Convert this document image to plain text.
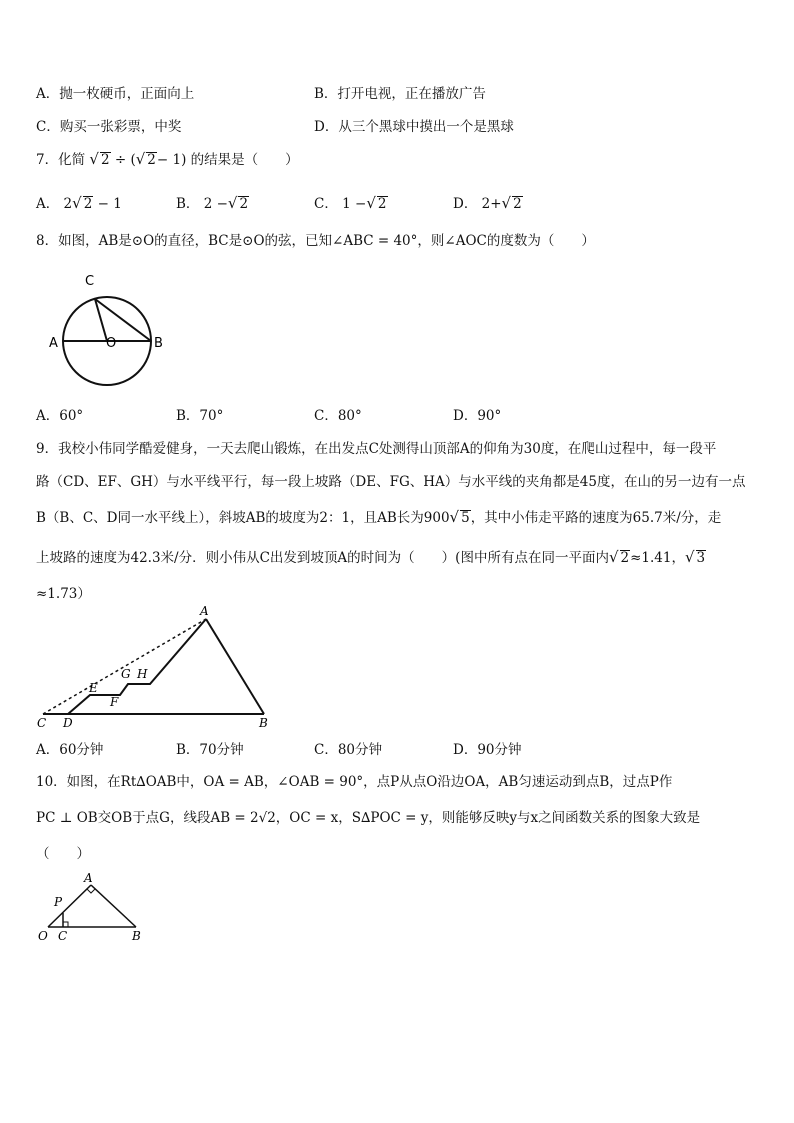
A．抛一枚硬币，正面向上	B．打开电视，正在播放广告
C．购买一张彩票，中奖	D．从三个黑球中摸出一个是黑球
7．化简 √ 2 ÷ (√ 2− 1) 的结果是（　　）
A． 2√ 2 − 1	B． 2 −√ 2	C． 1 −√ 2	D． 2+√ 2
8．如图，AB是⊙O的直径，BC是⊙O的弦，已知∠ABC = 40°，则∠AOC的度数为（　　）
C
A	O	B
A．60°	B．70°	C．80°	D．90°
9．我校小伟同学酷爱健身，一天去爬山锻炼，在出发点C处测得山顶部A的仰角为30度，在爬山过程中，每一段平
路（CD、EF、GH）与水平线平行，每一段上坡路（DE、FG、HA）与水平线的夹角都是45度，在山的另一边有一点
B（B、C、D同一水平线上），斜坡AB的坡度为2：1，且AB长为900√ 5，其中小伟走平路的速度为65.7米/分，走
上坡路的速度为42.3米/分．则小伟从C出发到坡顶A的时间为（　　）(图中所有点在同一平面内√ 2≈1.41，√ 3
≈1.73）
A
G H
E
F
C D	B
A．60分钟	B．70分钟	C．80分钟	D．90分钟
10．如图，在Rt∆OAB中，OA = AB，∠OAB = 90°，点P从点O沿边OA，AB匀速运动到点B，过点P作
PC ⊥ OB交OB于点G，线段AB = 2√2，OC = x，S∆POC = y，则能够反映y与x之间函数关系的图象大致是
（　　）
A
P
O C	B
